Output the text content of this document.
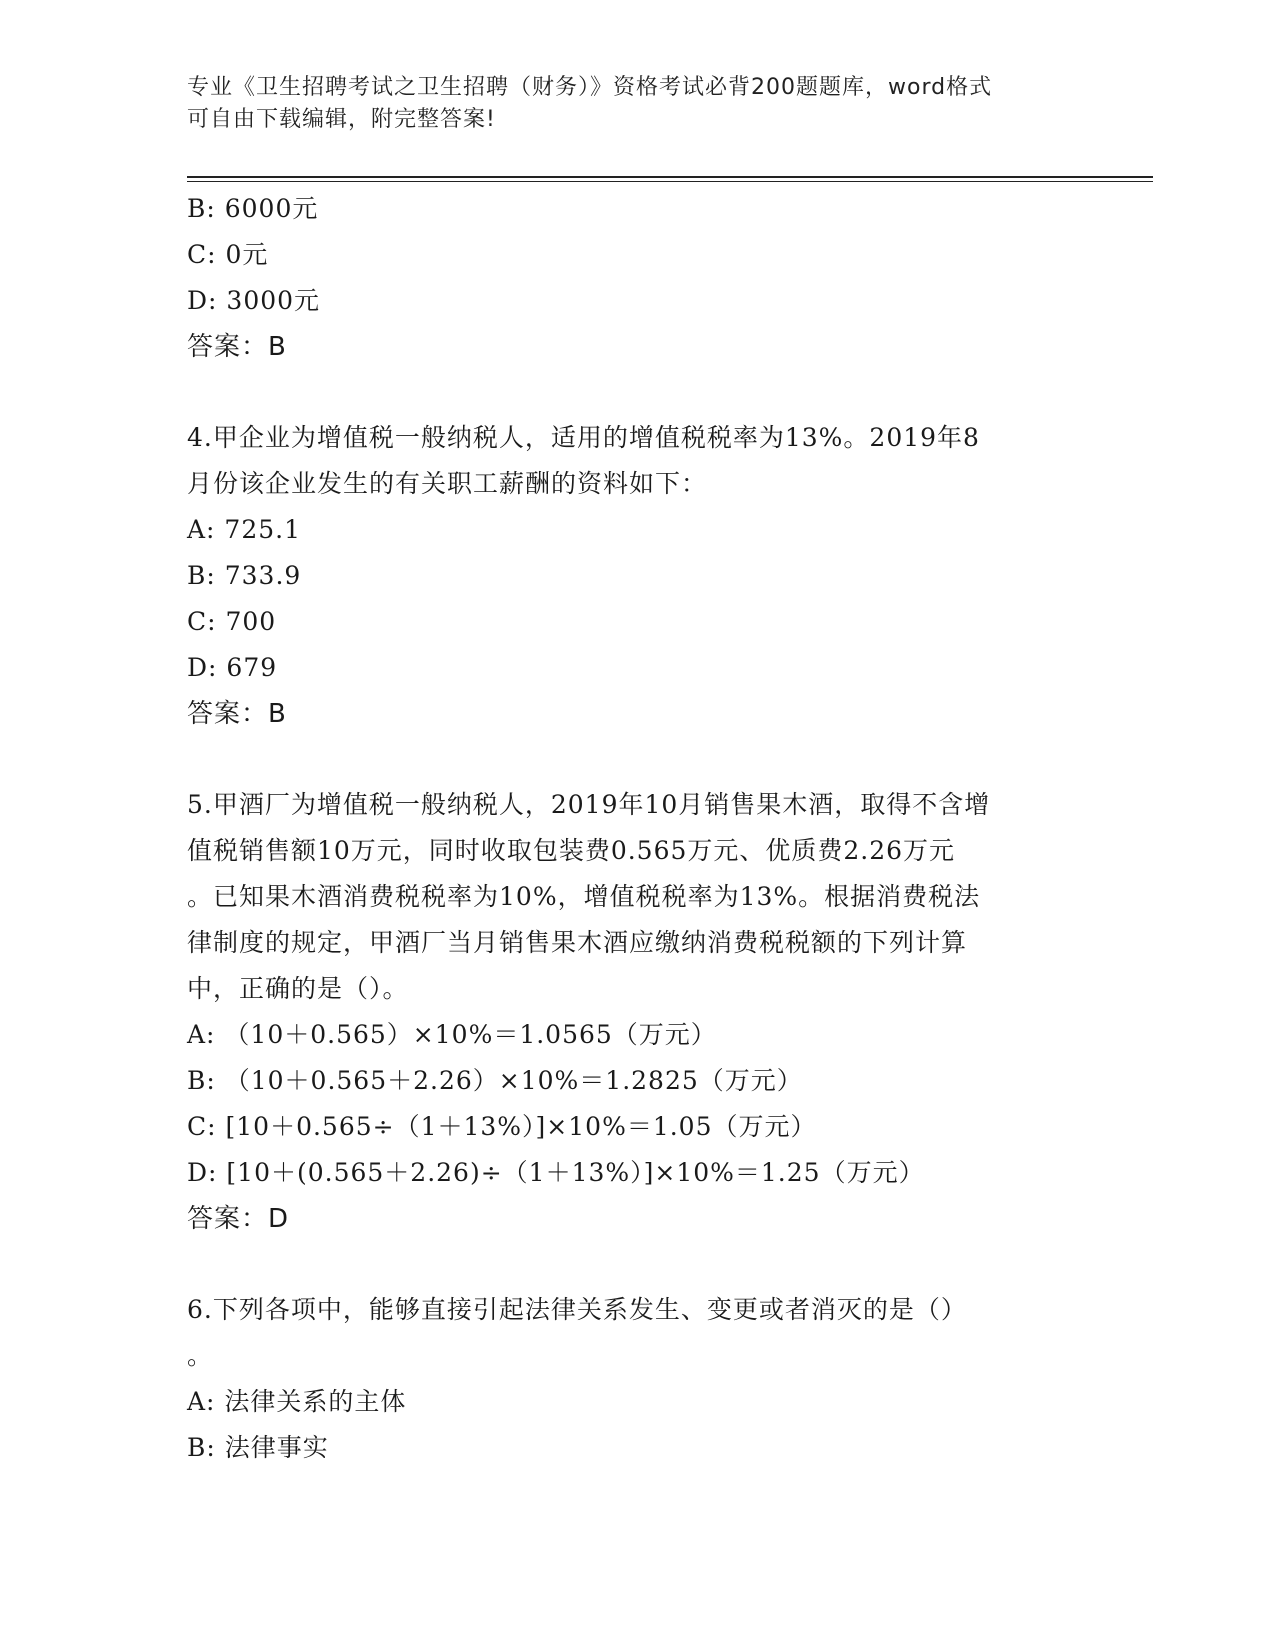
专业《卫生招聘考试之卫生招聘（财务）》资格考试必背200题题库，word格式
可自由下载编辑，附完整答案!
B: 6000元
C: 0元
D: 3000元
答案：B
4.甲企业为增值税一般纳税人，适用的增值税税率为13%。2019年8
月份该企业发生的有关职工薪酬的资料如下：
A: 725.1
B: 733.9
C: 700
D: 679
答案：B
5.甲酒厂为增值税一般纳税人，2019年10月销售果木酒，取得不含增
值税销售额10万元，同时收取包装费0.565万元、优质费2.26万元
。已知果木酒消费税税率为10%，增值税税率为13%。根据消费税法
律制度的规定，甲酒厂当月销售果木酒应缴纳消费税税额的下列计算
中，正确的是（）。
A: （10＋0.565）×10%＝1.0565（万元）
B: （10＋0.565＋2.26）×10%＝1.2825（万元）
C: [10＋0.565÷（1＋13%）]×10%＝1.05（万元）
D: [10＋(0.565＋2.26)÷（1＋13%）]×10%＝1.25（万元）
答案：D
6.下列各项中，能够直接引起法律关系发生、变更或者消灭的是（）
。
A: 法律关系的主体
B: 法律事实
